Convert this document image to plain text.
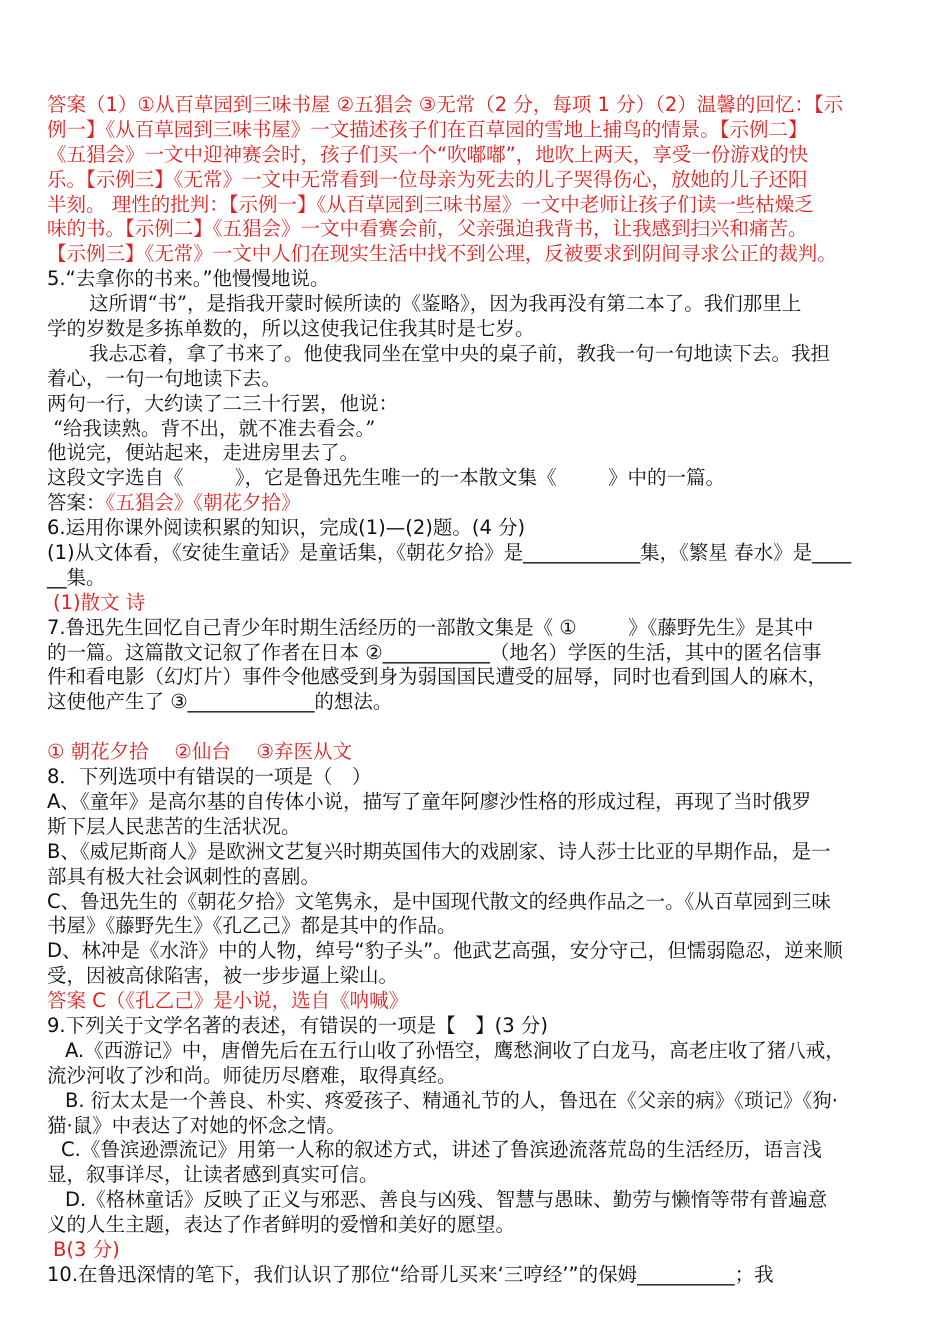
答案（1）①从百草园到三味书屋 ②五猖会 ③无常（2 分，每项 1 分）（2）温馨的回忆：【示
例一】《从百草园到三味书屋》一文描述孩子们在百草园的雪地上捕鸟的情景。【示例二】
《五猖会》一文中迎神赛会时，孩子们买一个“吹嘟嘟”，地吹上两天，享受一份游戏的快
乐。【示例三】《无常》一文中无常看到一位母亲为死去的儿子哭得伤心，放她的儿子还阳
半刻。 理性的批判：【示例一】《从百草园到三味书屋》一文中老师让孩子们读一些枯燥乏
味的书。【示例二】《五猖会》一文中看赛会前，父亲强迫我背书，让我感到扫兴和痛苦。
【示例三】《无常》一文中人们在现实生活中找不到公理，反被要求到阴间寻求公正的裁判。
5.“去拿你的书来。”他慢慢地说。
这所谓“书”，是指我开蒙时候所读的《鉴略》，因为我再没有第二本了。我们那里上
学的岁数是多拣单数的，所以这使我记住我其时是七岁。
我忐忑着，拿了书来了。他使我同坐在堂中央的桌子前，教我一句一句地读下去。我担
着心，一句一句地读下去。
两句一行，大约读了二三十行罢，他说：
“给我读熟。背不出，就不准去看会。”
他说完，便站起来，走进房里去了。
这段文字选自《 　　 》，它是鲁迅先生唯一的一本散文集《 　　 》中的一篇。
答案：《五猖会》《朝花夕拾》
6.运用你课外阅读积累的知识，完成(1)—(2)题。(4 分)
(1)从文体看，《安徒生童话》是童话集，《朝花夕拾》是____________集，《繁星 春水》是____
__集。
(1)散文 诗
7.鲁迅先生回忆自己青少年时期生活经历的一部散文集是《 ① 　　 》《藤野先生》是其中
的一篇。这篇散文记叙了作者在日本 ②___________（地名）学医的生活，其中的匿名信事
件和看电影（幻灯片）事件令他感受到身为弱国国民遭受的屈辱，同时也看到国人的麻木，
这使他产生了 ③_____________的想法。
① 朝花夕拾 　②仙台 　③弃医从文
8．下列选项中有错误的一项是（　）
A、《童年》是高尔基的自传体小说，描写了童年阿廖沙性格的形成过程，再现了当时俄罗
斯下层人民悲苦的生活状况。
B、《威尼斯商人》是欧洲文艺复兴时期英国伟大的戏剧家、诗人莎士比亚的早期作品，是一
部具有极大社会讽刺性的喜剧。
C、鲁迅先生的《朝花夕拾》文笔隽永，是中国现代散文的经典作品之一。《从百草园到三味
书屋》《藤野先生》《孔乙己》都是其中的作品。
D、林冲是《水浒》中的人物，绰号“豹子头”。他武艺高强，安分守己，但懦弱隐忍，逆来顺
受，因被高俅陷害，被一步步逼上梁山。
答案 C（《孔乙己》是小说，选自《呐喊》
9.下列关于文学名著的表述，有错误的一项是【　】(3 分)
A.《西游记》中，唐僧先后在五行山收了孙悟空，鹰愁涧收了白龙马，高老庄收了猪八戒，
流沙河收了沙和尚。师徒历尽磨难，取得真经。
B. 衍太太是一个善良、朴实、疼爱孩子、精通礼节的人，鲁迅在《父亲的病》《琐记》《狗·
猫·鼠》中表达了对她的怀念之情。
C.《鲁滨逊漂流记》用第一人称的叙述方式，讲述了鲁滨逊流落荒岛的生活经历，语言浅
显，叙事详尽，让读者感到真实可信。
D.《格林童话》反映了正义与邪恶、善良与凶残、智慧与愚昧、勤劳与懒惰等带有普遍意
义的人生主题，表达了作者鲜明的爱憎和美好的愿望。
B(3 分)
10.在鲁迅深情的笔下，我们认识了那位“给哥儿买来‘三哼经’”的保姆__________；我
